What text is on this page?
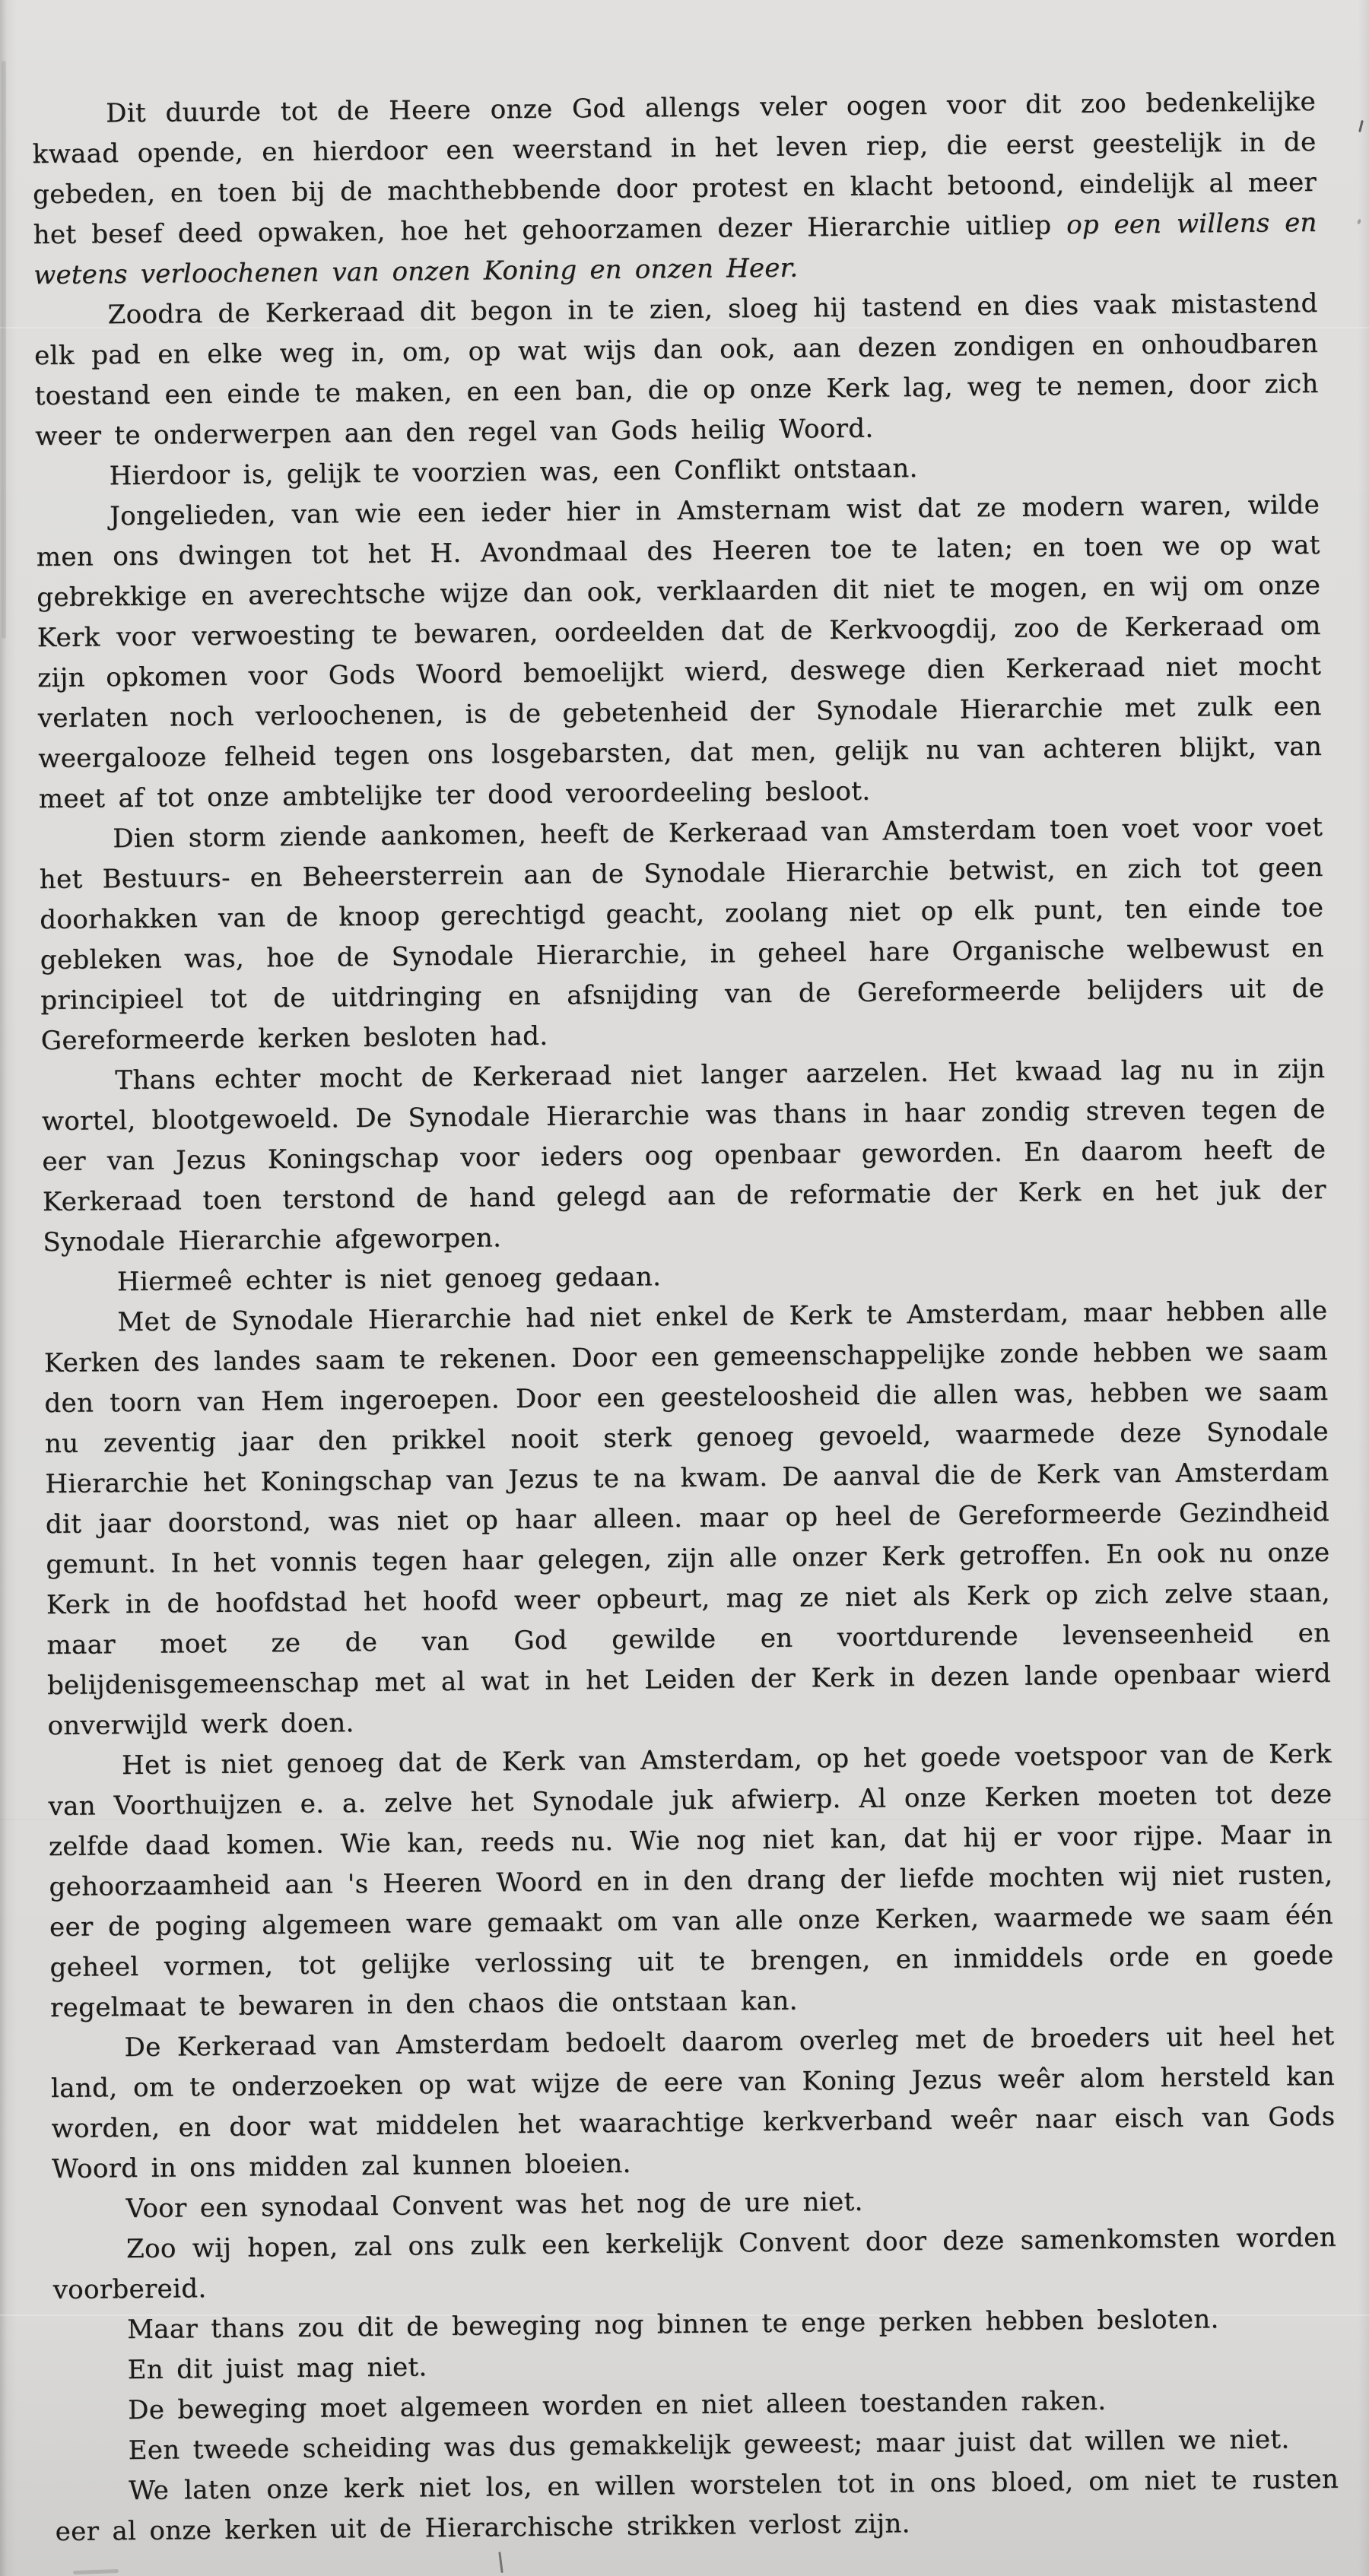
Dit duurde tot de Heere onze God allengs veler oogen voor dit zoo bedenkelijke kwaad opende, en hierdoor een weerstand in het leven riep, die eerst geestelijk in de gebeden, en toen bij de machthebbende door protest en klacht betoond, eindelijk al meer het besef deed opwaken, hoe het gehoorzamen dezer Hierarchie uitliep op een willens en wetens verloochenen van onzen Koning en onzen Heer.

Zoodra de Kerkeraad dit begon in te zien, sloeg hij tastend en dies vaak mistastend elk pad en elke weg in, om, op wat wijs dan ook, aan dezen zondigen en onhoudbaren toestand een einde te maken, en een ban, die op onze Kerk lag, weg te nemen, door zich weer te onderwerpen aan den regel van Gods heilig Woord.

Hierdoor is, gelijk te voorzien was, een Conflikt ontstaan.

Jongelieden, van wie een ieder hier in Amsternam wist dat ze modern waren, wilde men ons dwingen tot het H. Avondmaal des Heeren toe te laten; en toen we op wat gebrekkige en averechtsche wijze dan ook, verklaarden dit niet te mogen, en wij om onze Kerk voor verwoesting te bewaren, oordeelden dat de Kerkvoogdij, zoo de Kerkeraad om zijn opkomen voor Gods Woord bemoelijkt wierd, deswege dien Kerkeraad niet mocht verlaten noch verloochenen, is de gebetenheid der Synodale Hierarchie met zulk een weergalooze felheid tegen ons losgebarsten, dat men, gelijk nu van achteren blijkt, van meet af tot onze ambtelijke ter dood veroordeeling besloot.

Dien storm ziende aankomen, heeft de Kerkeraad van Amsterdam toen voet voor voet het Bestuurs- en Beheersterrein aan de Synodale Hierarchie betwist, en zich tot geen doorhakken van de knoop gerechtigd geacht, zoolang niet op elk punt, ten einde toe gebleken was, hoe de Synodale Hierarchie, in geheel hare Organische welbewust en principieel tot de uitdringing en afsnijding van de Gereformeerde belijders uit de Gereformeerde kerken besloten had.

Thans echter mocht de Kerkeraad niet langer aarzelen. Het kwaad lag nu in zijn wortel, blootgewoeld. De Synodale Hierarchie was thans in haar zondig streven tegen de eer van Jezus Koningschap voor ieders oog openbaar geworden. En daarom heeft de Kerkeraad toen terstond de hand gelegd aan de reformatie der Kerk en het juk der Synodale Hierarchie afgeworpen.

Hiermeê echter is niet genoeg gedaan.

Met de Synodale Hierarchie had niet enkel de Kerk te Amsterdam, maar hebben alle Kerken des landes saam te rekenen. Door een gemeenschappelijke zonde hebben we saam den toorn van Hem ingeroepen. Door een geesteloosheid die allen was, hebben we saam nu zeventig jaar den prikkel nooit sterk genoeg gevoeld, waarmede deze Synodale Hierarchie het Koningschap van Jezus te na kwam. De aanval die de Kerk van Amsterdam dit jaar doorstond, was niet op haar alleen. maar op heel de Gereformeerde Gezindheid gemunt. In het vonnis tegen haar gelegen, zijn alle onzer Kerk getroffen. En ook nu onze Kerk in de hoofdstad het hoofd weer opbeurt, mag ze niet als Kerk op zich zelve staan, maar moet ze de van God gewilde en voortdurende levenseenheid en belijdenisgemeenschap met al wat in het Leiden der Kerk in dezen lande openbaar wierd onverwijld werk doen.

Het is niet genoeg dat de Kerk van Amsterdam, op het goede voetspoor van de Kerk van Voorthuijzen e. a. zelve het Synodale juk afwierp. Al onze Kerken moeten tot deze zelfde daad komen. Wie kan, reeds nu. Wie nog niet kan, dat hij er voor rijpe. Maar in gehoorzaamheid aan 's Heeren Woord en in den drang der liefde mochten wij niet rusten, eer de poging algemeen ware gemaakt om van alle onze Kerken, waarmede we saam één geheel vormen, tot gelijke verlossing uit te brengen, en inmiddels orde en goede regelmaat te bewaren in den chaos die ontstaan kan.

De Kerkeraad van Amsterdam bedoelt daarom overleg met de broeders uit heel het land, om te onderzoeken op wat wijze de eere van Koning Jezus weêr alom hersteld kan worden, en door wat middelen het waarachtige kerkverband weêr naar eisch van Gods Woord in ons midden zal kunnen bloeien.

Voor een synodaal Convent was het nog de ure niet.

Zoo wij hopen, zal ons zulk een kerkelijk Convent door deze samenkomsten worden voorbereid.

Maar thans zou dit de beweging nog binnen te enge perken hebben besloten.

En dit juist mag niet.

De beweging moet algemeen worden en niet alleen toestanden raken.

Een tweede scheiding was dus gemakkelijk geweest; maar juist dat willen we niet.

We laten onze kerk niet los, en willen worstelen tot in ons bloed, om niet te rusten eer al onze kerken uit de Hierarchische strikken verlost zijn.
